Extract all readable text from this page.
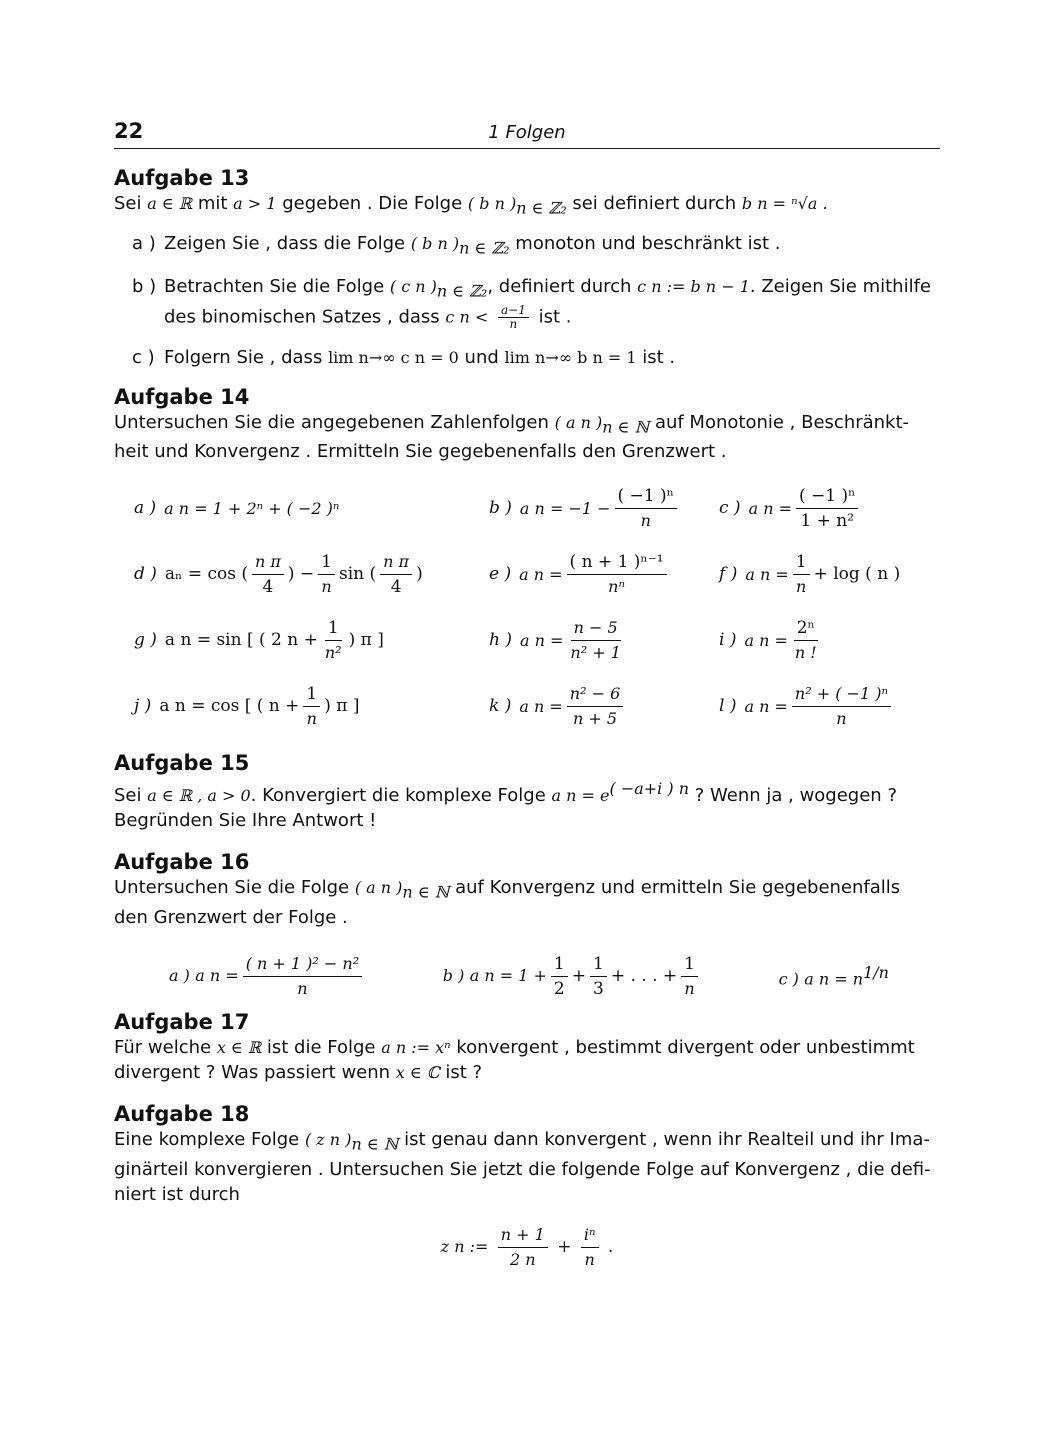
22	1 Folgen
Aufgabe 13

Sei a ∈ ℝ mit a > 1 gegeben . Die Folge ( b n )$_{n \in ℤ_2}$ sei definiert durch b n = ⁿ√a .

a ) Zeigen Sie , dass die Folge ( b n )$_{n \in ℤ_2}$ monoton und beschränkt ist .
b ) Betrachten Sie die Folge ( c n )$_{n \in ℤ_2}$, definiert durch c n := b n − 1. Zeigen Sie mithilfe
des binomischen Satzes , dass c $n < \frac{a-1}{n}$ ist .
c ) Folgern Sie , dass lim n→∞ c n = 0 und lim n→∞ b n = 1 ist .
Aufgabe 14

Untersuchen Sie die angegebenen Zahlenfolgen ( a n )$_{n \in ℕ}$ auf Monotonie , Beschränkt-
heit und Konvergenz . Ermitteln Sie gegebenenfalls den Grenzwert .

a ) a n = 1 + 2ⁿ + ( −2 )ⁿ	b ) a $n = -1 - \frac{\text{( −1 )ⁿ}}{n}$ c ) a $n = \frac{\text{( −1 )ⁿ}}{\text{1 + n²}}$
d ) aₙ = cos ( $\frac{\text{n π}}{4}$ ) − $\frac{1}{n}$ sin ( $\frac{\text{n π}}{4}$ )	e ) a $n = \frac{\text{( n + 1 )ⁿ⁻¹}}{\text{nⁿ}}$	f ) a $n = \frac{1}{n} + \log$ ( n )
g ) a n = sin [ ( 2 $n + \frac{1}{\text{n²}}$ ) π ]	h ) a $n = \frac{n - 5}{\text{n² + 1}}$	i ) a $n = \frac{\text{2ⁿ}}{n !}$
j ) a n = cos [ ( $n + \frac{1}{n}$ ) π ]	k ) a $n = \frac{\text{n² − 6}}{n + 5}$	l ) a $n = \frac{\text{n² + ( −1 )ⁿ}}{n}$
Aufgabe 15

Sei a ∈ ℝ , a > 0. Konvergiert die komplexe Folge a $n = e^{( -a+i ) n}$ ? Wenn ja , wogegen ?
Begründen Sie Ihre Antwort !

Aufgabe 16

Untersuchen Sie die Folge ( a n )$_{n \in ℕ}$ auf Konvergenz und ermitteln Sie gegebenenfalls
den Grenzwert der Folge .

a ) a $n = \frac{\text{( n + 1 )² − n²}}{n}$	b ) a $n = 1 + \frac{1}{2} + \frac{1}{3}$ + . . . + $\frac{1}{n}$	c ) a $n = n^{1/n}$
Aufgabe 17

Für welche x ∈ ℝ ist die Folge a n := xⁿ konvergent , bestimmt divergent oder unbestimmt
divergent ? Was passiert wenn x ∈ ℂ ist ?

Aufgabe 18

Eine komplexe Folge ( z n )$_{n \in ℕ}$ ist genau dann konvergent , wenn ihr Realteil und ihr Ima-
ginärteil konvergieren . Untersuchen Sie jetzt die folgende Folge auf Konvergenz , die defi-
niert ist durch

z n := $\frac{n + 1}{2 n} + \frac{\text{iⁿ}}{n}$ .
